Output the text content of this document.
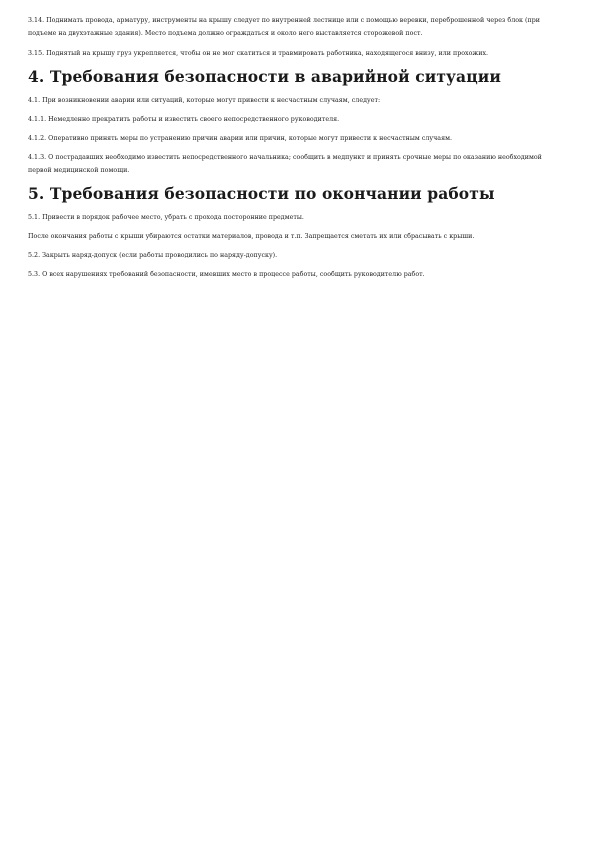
3.14. Поднимать провода, арматуру, инструменты на крышу следует по внутренней лестнице или с помощью веревки, переброшенной через блок (при подъеме на двухэтажные здания). Место подъема должно ограждаться и около него выставляется сторожевой пост.

3.15. Поднятый на крышу груз укрепляется, чтобы он не мог скатиться и травмировать работника, находящегося внизу, или прохожих.

4. Требования безопасности в аварийной ситуации

4.1. При возникновении аварии или ситуаций, которые могут привести к несчастным случаям, следует:

4.1.1. Немедленно прекратить работы и известить своего непосредственного руководителя.

4.1.2. Оперативно принять меры по устранению причин аварии или причин, которые могут привести к несчастным случаям.

4.1.3. О пострадавших необходимо известить непосредственного начальника; сообщить в медпункт и принять срочные меры по оказанию необходимой первой медицинской помощи.

5. Требования безопасности по окончании работы

5.1. Привести в порядок рабочее место, убрать с прохода посторонние предметы.

После окончания работы с крыши убираются остатки материалов, провода и т.п. Запрещается сметать их или сбрасывать с крыши.

5.2. Закрыть наряд-допуск (если работы проводились по наряду-допуску).

5.3. О всех нарушениях требований безопасности, имевших место в процессе работы, сообщить руководителю работ.
